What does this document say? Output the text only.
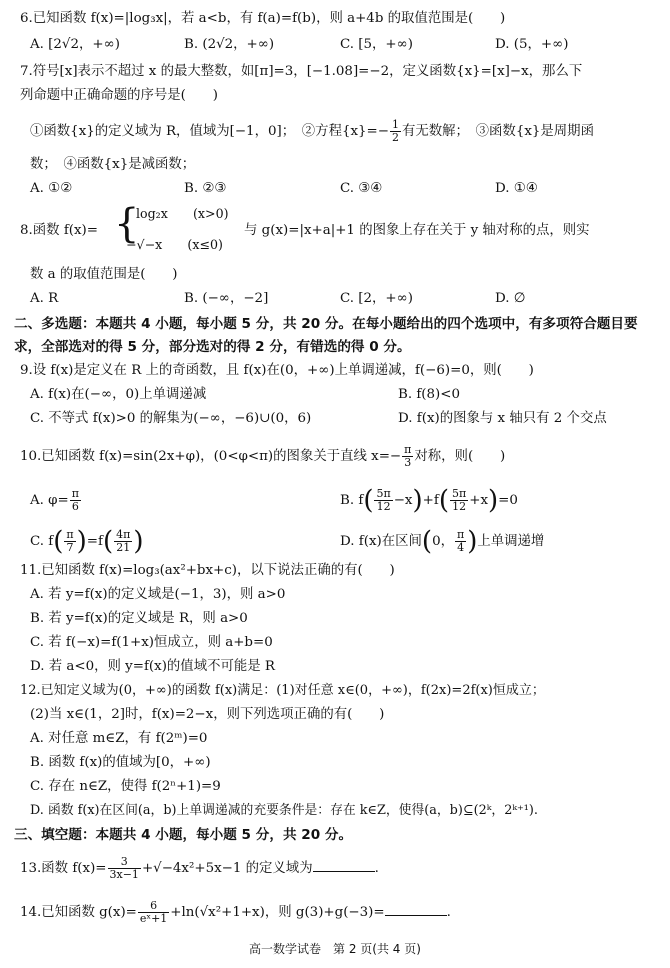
6.已知函数 f(x)=|log₃x|，若 a<b，有 f(a)=f(b)，则 a+4b 的取值范围是(　　)
A. [2√2，+∞)	B. (2√2，+∞)	C. [5，+∞)	D. (5，+∞)
7.符号[x]表示不超过 x 的最大整数，如[π]=3，[−1.08]=−2，定义函数{x}=[x]−x，那么下
列命题中正确命题的序号是(　　)
①函数{x}的定义域为 R，值域为[−1，0]；　②方程$\{x\}=- \frac{1}{2}$ 有无数解；　③函数{x}是周期函
数；　④函数{x}是减函数；
A. ①②	B. ②③	C. ③④	D. ①④
8.函数 f(x)= {
log₂x　　(x>0)
−√−x　　(x≤0)
与 g(x)=|x+a|+1 的图象上存在关于 y 轴对称的点，则实
数 a 的取值范围是(　　)
A. R	B. (−∞，−2]	C. [2，+∞)	D. ∅
二、多选题：本题共 4 小题，每小题 5 分，共 20 分。在每小题给出的四个选项中，有多项符合题目要
求，全部选对的得 5 分，部分选对的得 2 分，有错选的得 0 分。
9.设 f(x)是定义在 R 上的奇函数，且 f(x)在(0，+∞)上单调递减，f(−6)=0，则(　　)
A. f(x)在(−∞，0)上单调递减	B. f(8)<0
C. 不等式 f(x)>0 的解集为(−∞，−6)∪(0，6)	D. f(x)的图象与 x 轴只有 2 个交点
10.已知函数 f(x)=sin(2x+φ)，(0<φ<π)的图象关于直线 $x=- \frac{\pi}{3}$ 对称，则(　　)
A. $\varphi= \frac{\pi}{6}$	B. $f( \frac{5\pi}{12} -x)+f( \frac{5\pi}{12} +x)=0$
C. $f( \frac{\pi}{7} )=f( \frac{4\pi}{21}$ )	D. f(x)在区间(0， $\frac{\pi}{4}$ )上单调递增
11.已知函数 f(x)=log₃(ax²+bx+c)，以下说法正确的有(　　)
A. 若 y=f(x)的定义域是(−1，3)，则 a>0
B. 若 y=f(x)的定义域是 R，则 a>0
C. 若 f(−x)=f(1+x)恒成立，则 a+b=0
D. 若 a<0，则 y=f(x)的值域不可能是 R
12.已知定义域为(0，+∞)的函数 f(x)满足：(1)对任意 x∈(0，+∞)，f(2x)=2f(x)恒成立；
(2)当 x∈(1，2]时，f(x)=2−x，则下列选项正确的有(　　)
A. 对任意 m∈Z，有 f(2ᵐ)=0
B. 函数 f(x)的值域为[0，+∞)
C. 存在 n∈Z，使得 f(2ⁿ+1)=9
D. 函数 f(x)在区间(a，b)上单调递减的充要条件是：存在 k∈Z，使得(a，b)⊆(2ᵏ，2ᵏ⁺¹).
三、填空题：本题共 4 小题，每小题 5 分，共 20 分。
13.函数 $f(x)= \frac{3}{3x-1} +√-4x^2+5x-1$ 的定义域为	.
14.已知函数 $g(x)= \frac{6}{\text{eˣ+1}} +\ln(√x^2+1+x)$，则 g(3)+g(−3)=	.
高一数学试卷　第 2 页(共 4 页)
